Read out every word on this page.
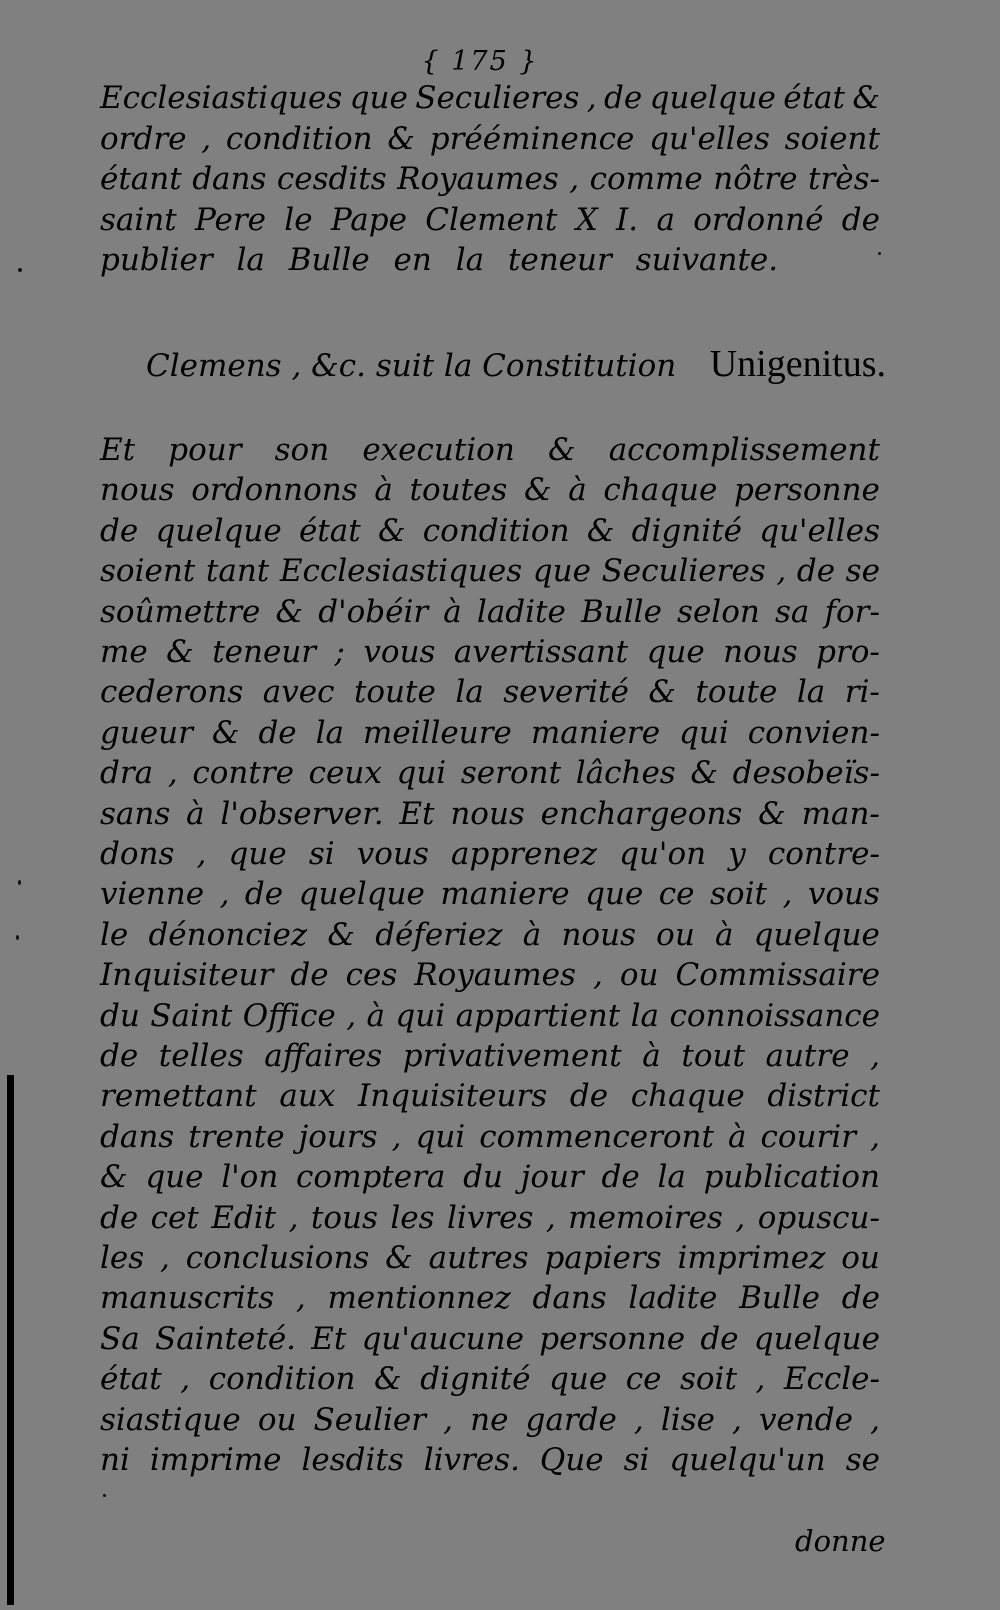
{ 175 }
Ecclesiastiques que Seculieres , de quelque état &
ordre , condition & prééminence qu'elles soient
étant dans cesdits Royaumes , comme nôtre très-
saint Pere le Pape Clement X I. a ordonné de
publier la Bulle en la teneur suivante.
Clemens , &c. suit la Constitution Unigenitus.
Et pour son execution & accomplissement
nous ordonnons à toutes & à chaque personne
de quelque état & condition & dignité qu'elles
soient tant Ecclesiastiques que Seculieres , de se
soûmettre & d'obéir à ladite Bulle selon sa for-
me & teneur ; vous avertissant que nous pro-
cederons avec toute la severité & toute la ri-
gueur & de la meilleure maniere qui convien-
dra , contre ceux qui seront lâches & desobeïs-
sans à l'observer. Et nous enchargeons & man-
dons , que si vous apprenez qu'on y contre-
vienne , de quelque maniere que ce soit , vous
le dénonciez & déferiez à nous ou à quelque
Inquisiteur de ces Royaumes , ou Commissaire
du Saint Office , à qui appartient la connoissance
de telles affaires privativement à tout autre ,
remettant aux Inquisiteurs de chaque district
dans trente jours , qui commenceront à courir ,
& que l'on comptera du jour de la publication
de cet Edit , tous les livres , memoires , opuscu-
les , conclusions & autres papiers imprimez ou
manuscrits , mentionnez dans ladite Bulle de
Sa Sainteté. Et qu'aucune personne de quelque
état , condition & dignité que ce soit , Eccle-
siastique ou Seulier , ne garde , lise , vende ,
ni imprime lesdits livres. Que si quelqu'un se
donne
